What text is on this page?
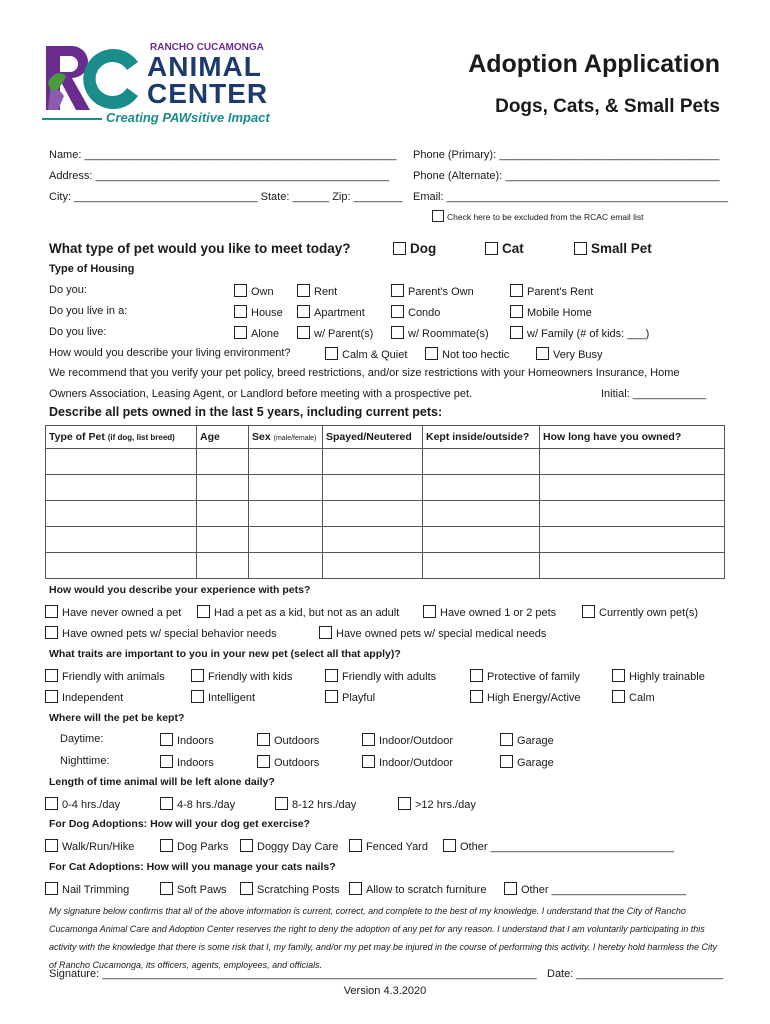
RANCHO CUCAMONGA
ANIMAL
CENTER
Creating PAWsitive Impact
Adoption Application
Dogs, Cats, & Small Pets
Name: ___________________________________________________ Phone (Primary): ____________________________________
Address: ________________________________________________ Phone (Alternate): ___________________________________
City: ______________________________ State: ______ Zip: ________ Email: ______________________________________________
Check here to be excluded from the RCAC email list
What type of pet would you like to meet today?	Dog	Cat	Small Pet
Type of Housing
Do you:	Own	Rent	Parent's Own	Parent's Rent
Do you live in a:	House	Apartment	Condo	Mobile Home
Do you live:	Alone	w/ Parent(s)	w/ Roommate(s)	w/ Family (# of kids: ___)
How would you describe your living environment?	Calm & Quiet	Not too hectic	Very Busy
We recommend that you verify your pet policy, breed restrictions, and/or size restrictions with your Homeowners Insurance, Home
Owners Association, Leasing Agent, or Landlord before meeting with a prospective pet.	Initial: ____________
Describe all pets owned in the last 5 years, including current pets:
Type of Pet (if dog, list breed)	Age	Sex (male/female)	Spayed/Neutered	Kept inside/outside?	How long have you owned?

How would you describe your experience with pets?
Have never owned a pet	Had a pet as a kid, but not as an adult	Have owned 1 or 2 pets	Currently own pet(s)
Have owned pets w/ special behavior needs	Have owned pets w/ special medical needs
What traits are important to you in your new pet (select all that apply)?
Friendly with animals	Friendly with kids	Friendly with adults	Protective of family	Highly trainable
Independent	Intelligent	Playful	High Energy/Active	Calm
Where will the pet be kept?
Daytime:	Indoors	Outdoors	Indoor/Outdoor	Garage
Nighttime:	Indoors	Outdoors	Indoor/Outdoor	Garage
Length of time animal will be left alone daily?
0-4 hrs./day	4-8 hrs./day	8-12 hrs./day	>12 hrs./day
For Dog Adoptions: How will your dog get exercise?
Walk/Run/Hike	Dog Parks	Doggy Day Care	Fenced Yard	Other ______________________________
For Cat Adoptions: How will you manage your cats nails?
Nail Trimming	Soft Paws	Scratching Posts	Allow to scratch furniture	Other ______________________
My signature below confirms that all of the above information is current, correct, and complete to the best of my knowledge. I understand that the City of Rancho Cucamonga Animal Care and Adoption Center reserves the right to deny the adoption of any pet for any reason. I understand that I am voluntarily participating in this activity with the knowledge that there is some risk that I, my family, and/or my pet may be injured in the course of performing this activity. I hereby hold harmless the City of Rancho Cucamonga, its officers, agents, employees, and officials.
Signature: _______________________________________________________________________ Date: ________________________
Version 4.3.2020
